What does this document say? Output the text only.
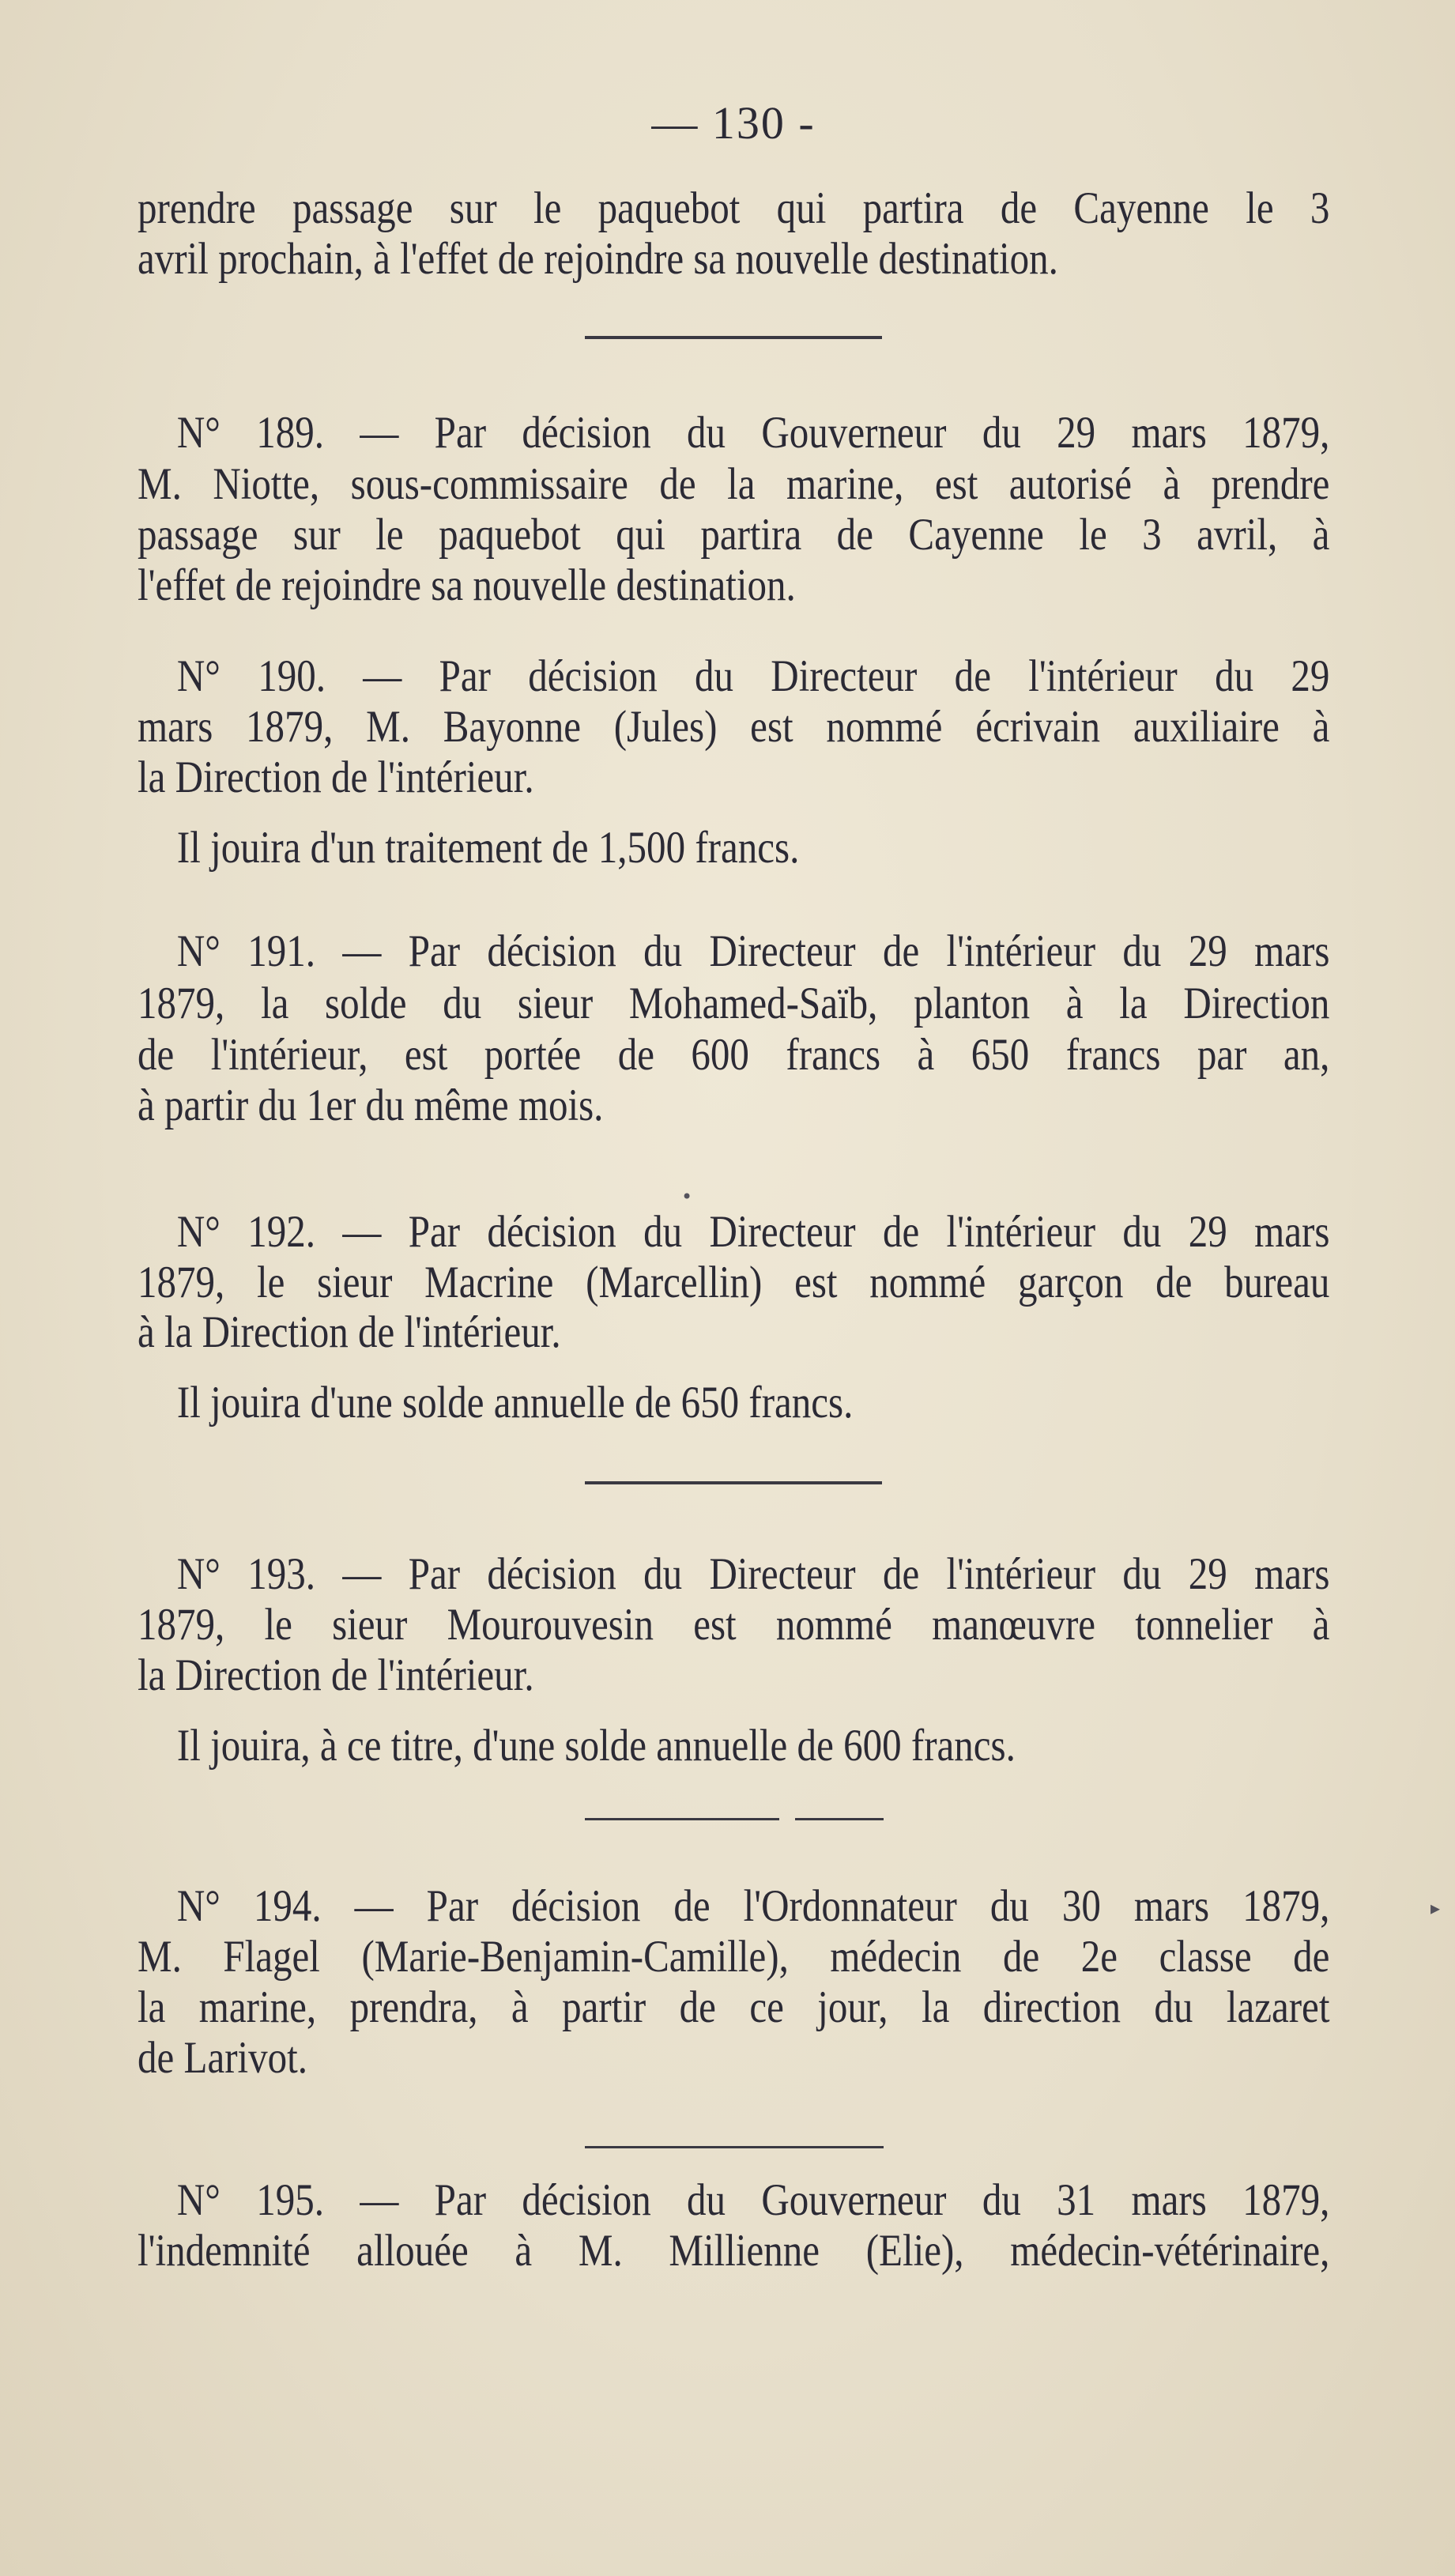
— 130 -
prendre passage sur le paquebot qui partira de Cayenne le 3
avril prochain, à l'effet de rejoindre sa nouvelle destination.
N° 189. — Par décision du Gouverneur du 29 mars 1879,
M. Niotte, sous-commissaire de la marine, est autorisé à prendre
passage sur le paquebot qui partira de Cayenne le 3 avril, à
l'effet de rejoindre sa nouvelle destination.
N° 190. — Par décision du Directeur de l'intérieur du 29
mars 1879, M. Bayonne (Jules) est nommé écrivain auxiliaire à
la Direction de l'intérieur.
Il jouira d'un traitement de 1,500 francs.
N° 191. — Par décision du Directeur de l'intérieur du 29 mars
1879, la solde du sieur Mohamed-Saïb, planton à la Direction
de l'intérieur, est portée de 600 francs à 650 francs par an,
à partir du 1er du même mois.
N° 192. — Par décision du Directeur de l'intérieur du 29 mars
1879, le sieur Macrine (Marcellin) est nommé garçon de bureau
à la Direction de l'intérieur.
Il jouira d'une solde annuelle de 650 francs.
N° 193. — Par décision du Directeur de l'intérieur du 29 mars
1879, le sieur Mourouvesin est nommé manœuvre tonnelier à
la Direction de l'intérieur.
Il jouira, à ce titre, d'une solde annuelle de 600 francs.
N° 194. — Par décision de l'Ordonnateur du 30 mars 1879,
M. Flagel (Marie-Benjamin-Camille), médecin de 2e classe de
la marine, prendra, à partir de ce jour, la direction du lazaret
de Larivot.
N° 195. — Par décision du Gouverneur du 31 mars 1879,
l'indemnité allouée à M. Millienne (Elie), médecin-vétérinaire,
•
▸
